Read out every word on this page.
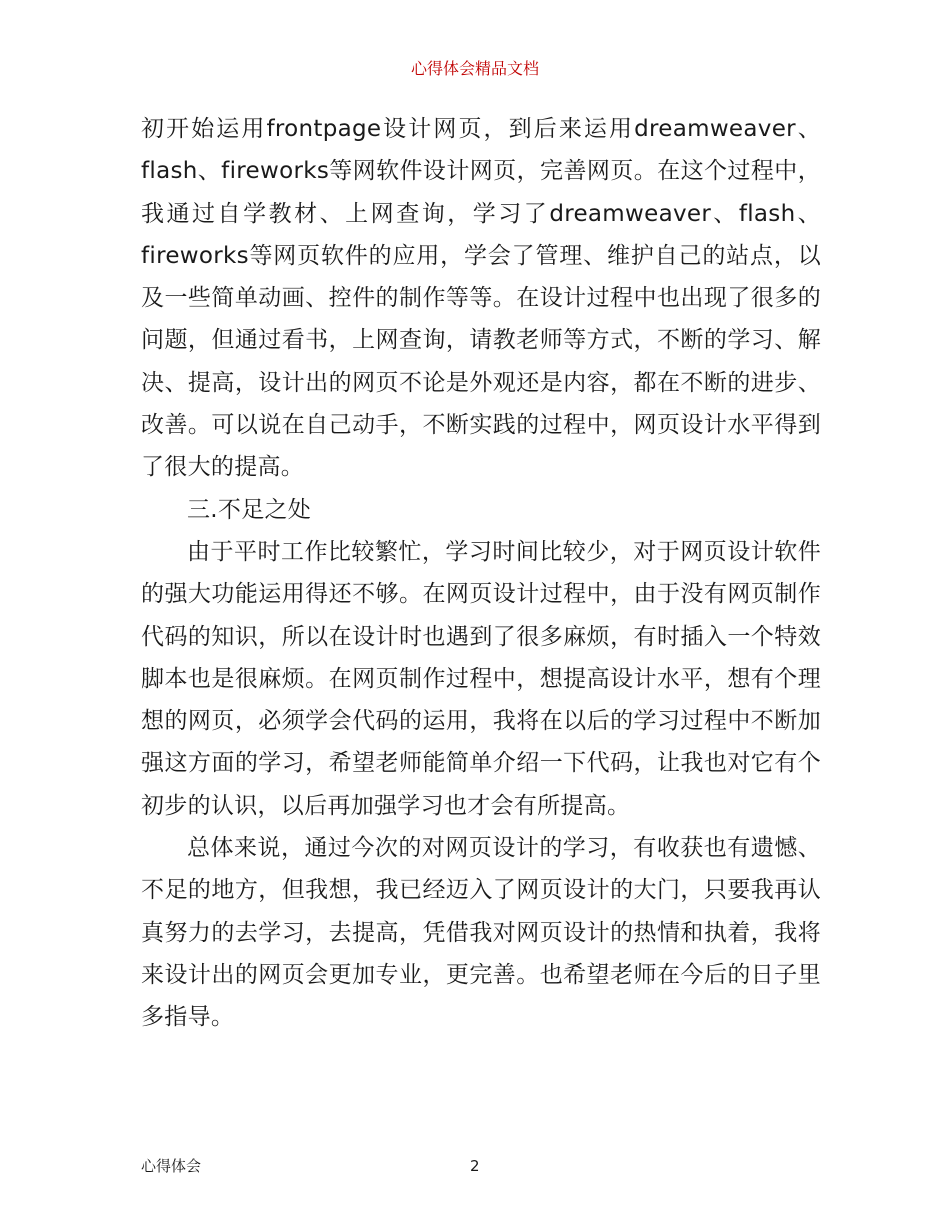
心得体会精品文档

初开始运用frontpage设计网页，到后来运用dreamweaver、flash、fireworks等网软件设计网页，完善网页。在这个过程中，我通过自学教材、上网查询，学习了dreamweaver、flash、fireworks等网页软件的应用，学会了管理、维护自己的站点，以及一些简单动画、控件的制作等等。在设计过程中也出现了很多的问题，但通过看书，上网查询，请教老师等方式，不断的学习、解决、提高，设计出的网页不论是外观还是内容，都在不断的进步、改善。可以说在自己动手，不断实践的过程中，网页设计水平得到了很大的提高。

三.不足之处

由于平时工作比较繁忙，学习时间比较少，对于网页设计软件的强大功能运用得还不够。在网页设计过程中，由于没有网页制作代码的知识，所以在设计时也遇到了很多麻烦，有时插入一个特效脚本也是很麻烦。在网页制作过程中，想提高设计水平，想有个理想的网页，必须学会代码的运用，我将在以后的学习过程中不断加强这方面的学习，希望老师能简单介绍一下代码，让我也对它有个初步的认识，以后再加强学习也才会有所提高。

总体来说，通过今次的对网页设计的学习，有收获也有遗憾、不足的地方，但我想，我已经迈入了网页设计的大门，只要我再认真努力的去学习，去提高，凭借我对网页设计的热情和执着，我将来设计出的网页会更加专业，更完善。也希望老师在今后的日子里多指导。

心得体会	2
